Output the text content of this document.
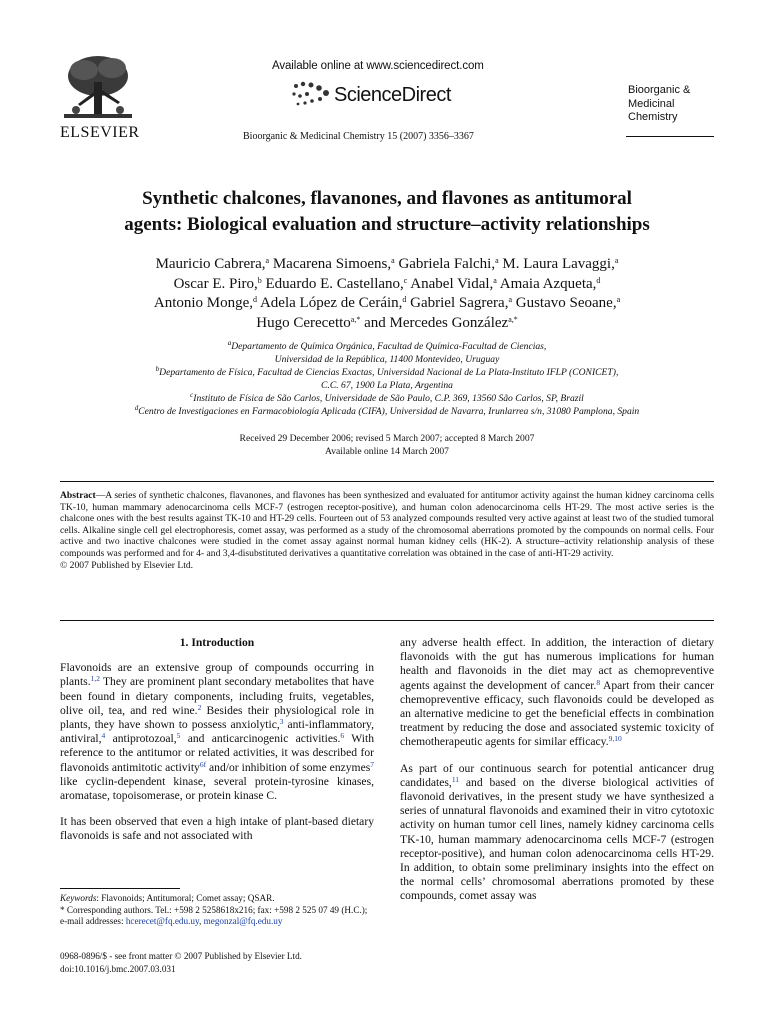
ELSEVIER
Available online at www.sciencedirect.com
ScienceDirect
Bioorganic & Medicinal Chemistry 15 (2007) 3356–3367
Bioorganic &
Medicinal
Chemistry
Synthetic chalcones, flavanones, and flavones as antitumoral
agents: Biological evaluation and structure–activity relationships
Mauricio Cabrera,$^a$ Macarena Simoens,$^a$ Gabriela Falchi,$^a$ M. Laura Lavaggi,$^a$
Oscar E. Piro,$^b$ Eduardo E. Castellano,$^c$ Anabel Vidal,$^a$ Amaia Azqueta,$^d$
Antonio Monge,$^d$ Adela López de Ceráin,$^d$ Gabriel Sagrera,$^a$ Gustavo Seoane,$^a$
Hugo Cerecetto$^{a,*}$ and Mercedes González$^{a,*}$
$^a$Departamento de Química Orgánica, Facultad de Química-Facultad de Ciencias,
Universidad de la República, 11400 Montevideo, Uruguay
$^b$Departamento de Física, Facultad de Ciencias Exactas, Universidad Nacional de La Plata-Instituto IFLP (CONICET),
C.C. 67, 1900 La Plata, Argentina
$^c$Instituto de Física de São Carlos, Universidade de São Paulo, C.P. 369, 13560 São Carlos, SP, Brazil
$^d$Centro de Investigaciones en Farmacobiología Aplicada (CIFA), Universidad de Navarra, Irunlarrea s/n, 31080 Pamplona, Spain
Received 29 December 2006; revised 5 March 2007; accepted 8 March 2007
Available online 14 March 2007
Abstract—A series of synthetic chalcones, flavanones, and flavones has been synthesized and evaluated for antitumor activity against the human kidney carcinoma cells TK-10, human mammary adenocarcinoma cells MCF-7 (estrogen receptor-positive), and human colon adenocarcinoma cells HT-29. The most active series is the chalcone ones with the best results against TK-10 and HT-29 cells. Fourteen out of 53 analyzed compounds resulted very active against at least two of the studied tumoral cells. Alkaline single cell gel electrophoresis, comet assay, was performed as a study of the chromosomal aberrations promoted by the compounds on normal cells. Four active and two inactive chalcones were studied in the comet assay against normal human kidney cells (HK-2). A structure–activity relationship analysis of these compounds was performed and for 4- and 3,4-disubstituted derivatives a quantitative correlation was obtained in the case of anti-HT-29 activity.
© 2007 Published by Elsevier Ltd.
1. Introduction

Flavonoids are an extensive group of compounds occurring in plants.$^{1,2}$ They are prominent plant secondary metabolites that have been found in dietary components, including fruits, vegetables, olive oil, tea, and red wine.$^2$ Besides their physiological role in plants, they have shown to possess anxiolytic,$^3$ anti-inflammatory, antiviral,$^4$ antiprotozoal,$^5$ and anticarcinogenic activities.$^6$ With reference to the antitumor or related activities, it was described for flavonoids antimitotic activity$^{6f}$ and/or inhibition of some enzymes$^7$ like cyclin-dependent kinase, several protein-tyrosine kinases, aromatase, topoisomerase, or protein kinase C.

It has been observed that even a high intake of plant-based dietary flavonoids is safe and not associated with

Keywords: Flavonoids; Antitumoral; Comet assay; QSAR.
* Corresponding authors. Tel.: +598 2 5258618x216; fax: +598 2 525 07 49 (H.C.); e-mail addresses: hcerecet@fq.edu.uy, megonzal@fq.edu.uy
0968-0896/$ - see front matter © 2007 Published by Elsevier Ltd.
doi:10.1016/j.bmc.2007.03.031

any adverse health effect. In addition, the interaction of dietary flavonoids with the gut has numerous implications for human health and flavonoids in the diet may act as chemopreventive agents against the development of cancer.$^8$ Apart from their cancer chemopreventive efficacy, such flavonoids could be developed as an alternative medicine to get the beneficial effects in combination treatment by reducing the dose and associated systemic toxicity of chemotherapeutic agents for similar efficacy.$^{9,10}$

As part of our continuous search for potential anticancer drug candidates,$^{11}$ and based on the diverse biological activities of flavonoid derivatives, in the present study we have synthesized a series of unnatural flavonoids and examined their in vitro cytotoxic activity on human tumor cell lines, namely kidney carcinoma cells TK-10, human mammary adenocarcinoma cells MCF-7 (estrogen receptor-positive), and human colon adenocarcinoma cells HT-29. In addition, to obtain some preliminary insights into the effect on the normal cells’ chromosomal aberrations promoted by these compounds, comet assay was
